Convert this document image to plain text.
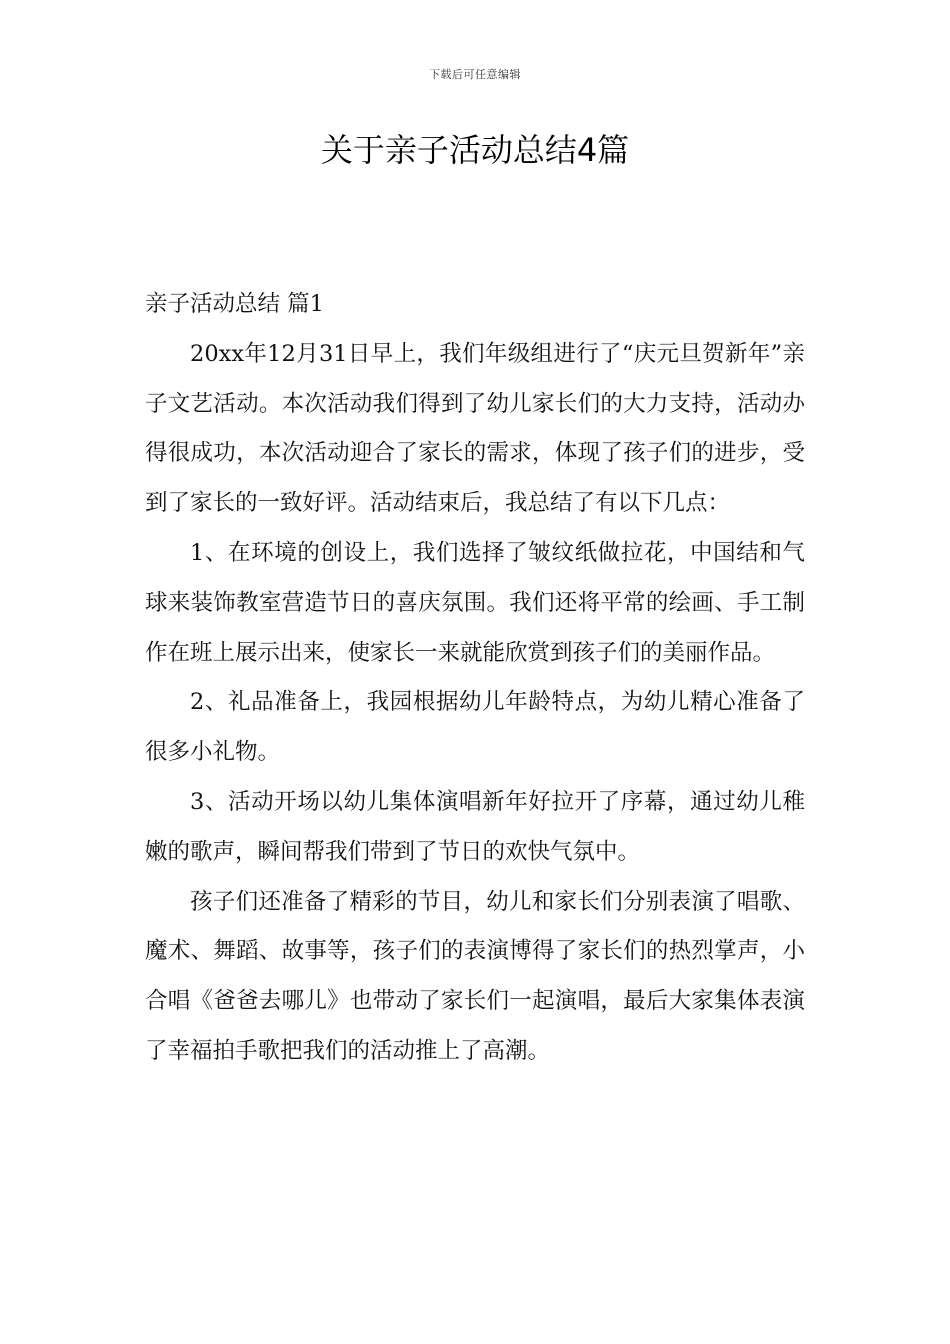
下载后可任意编辑
关于亲子活动总结4篇

亲子活动总结 篇1

20xx年12月31日早上，我们年级组进行了“庆元旦贺新年”亲子文艺活动。本次活动我们得到了幼儿家长们的大力支持，活动办得很成功，本次活动迎合了家长的需求，体现了孩子们的进步，受到了家长的一致好评。活动结束后，我总结了有以下几点：

1、在环境的创设上，我们选择了皱纹纸做拉花，中国结和气球来装饰教室营造节日的喜庆氛围。我们还将平常的绘画、手工制作在班上展示出来，使家长一来就能欣赏到孩子们的美丽作品。

2、礼品准备上，我园根据幼儿年龄特点，为幼儿精心准备了很多小礼物。

3、活动开场以幼儿集体演唱新年好拉开了序幕，通过幼儿稚嫩的歌声，瞬间帮我们带到了节日的欢快气氛中。

孩子们还准备了精彩的节目，幼儿和家长们分别表演了唱歌、魔术、舞蹈、故事等，孩子们的表演博得了家长们的热烈掌声，小合唱《爸爸去哪儿》也带动了家长们一起演唱，最后大家集体表演了幸福拍手歌把我们的活动推上了高潮。
